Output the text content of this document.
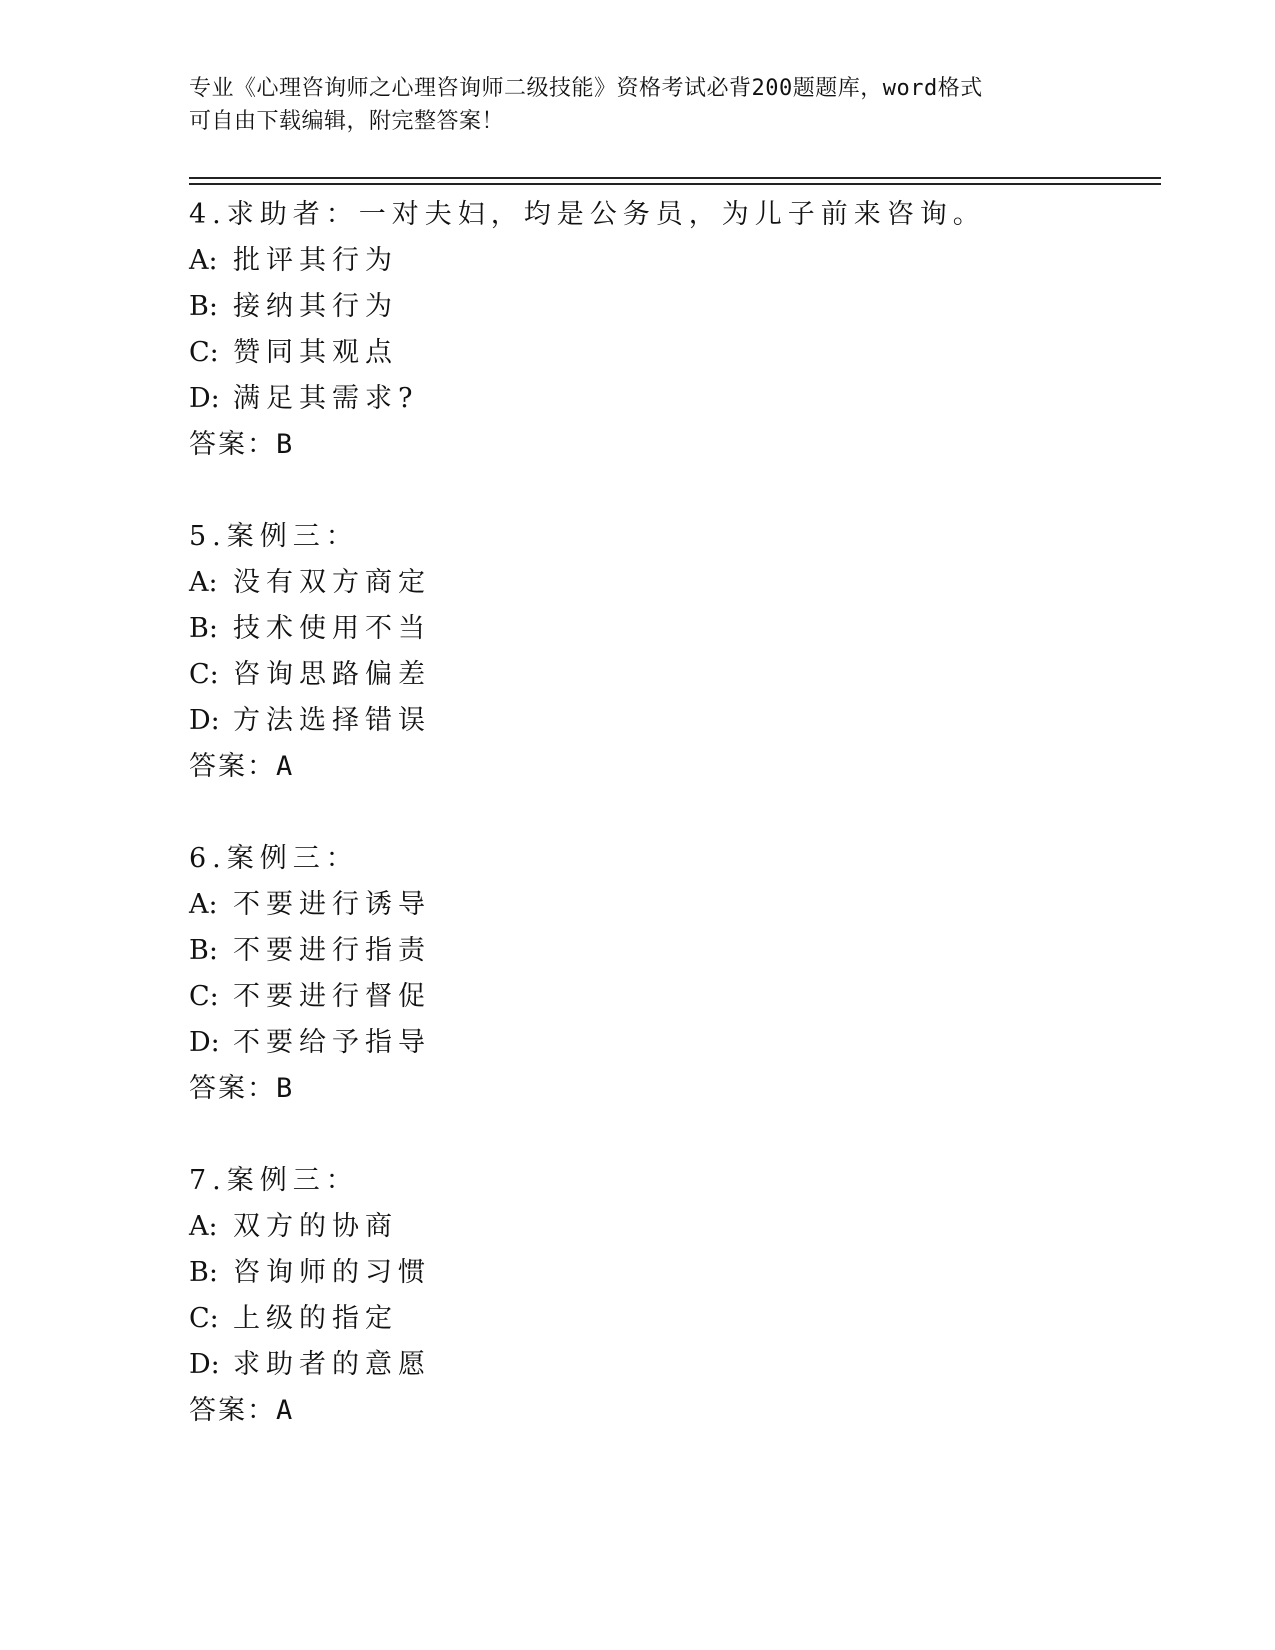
专业《心理咨询师之心理咨询师二级技能》资格考试必背200题题库，word格式
可自由下载编辑，附完整答案！
4.求助者：一对夫妇，均是公务员，为儿子前来咨询。
A: 批评其行为
B: 接纳其行为
C: 赞同其观点
D: 满足其需求?
答案：B
5.案例三：
A: 没有双方商定
B: 技术使用不当
C: 咨询思路偏差
D: 方法选择错误
答案：A
6.案例三：
A: 不要进行诱导
B: 不要进行指责
C: 不要进行督促
D: 不要给予指导
答案：B
7.案例三：
A: 双方的协商
B: 咨询师的习惯
C: 上级的指定
D: 求助者的意愿
答案：A
